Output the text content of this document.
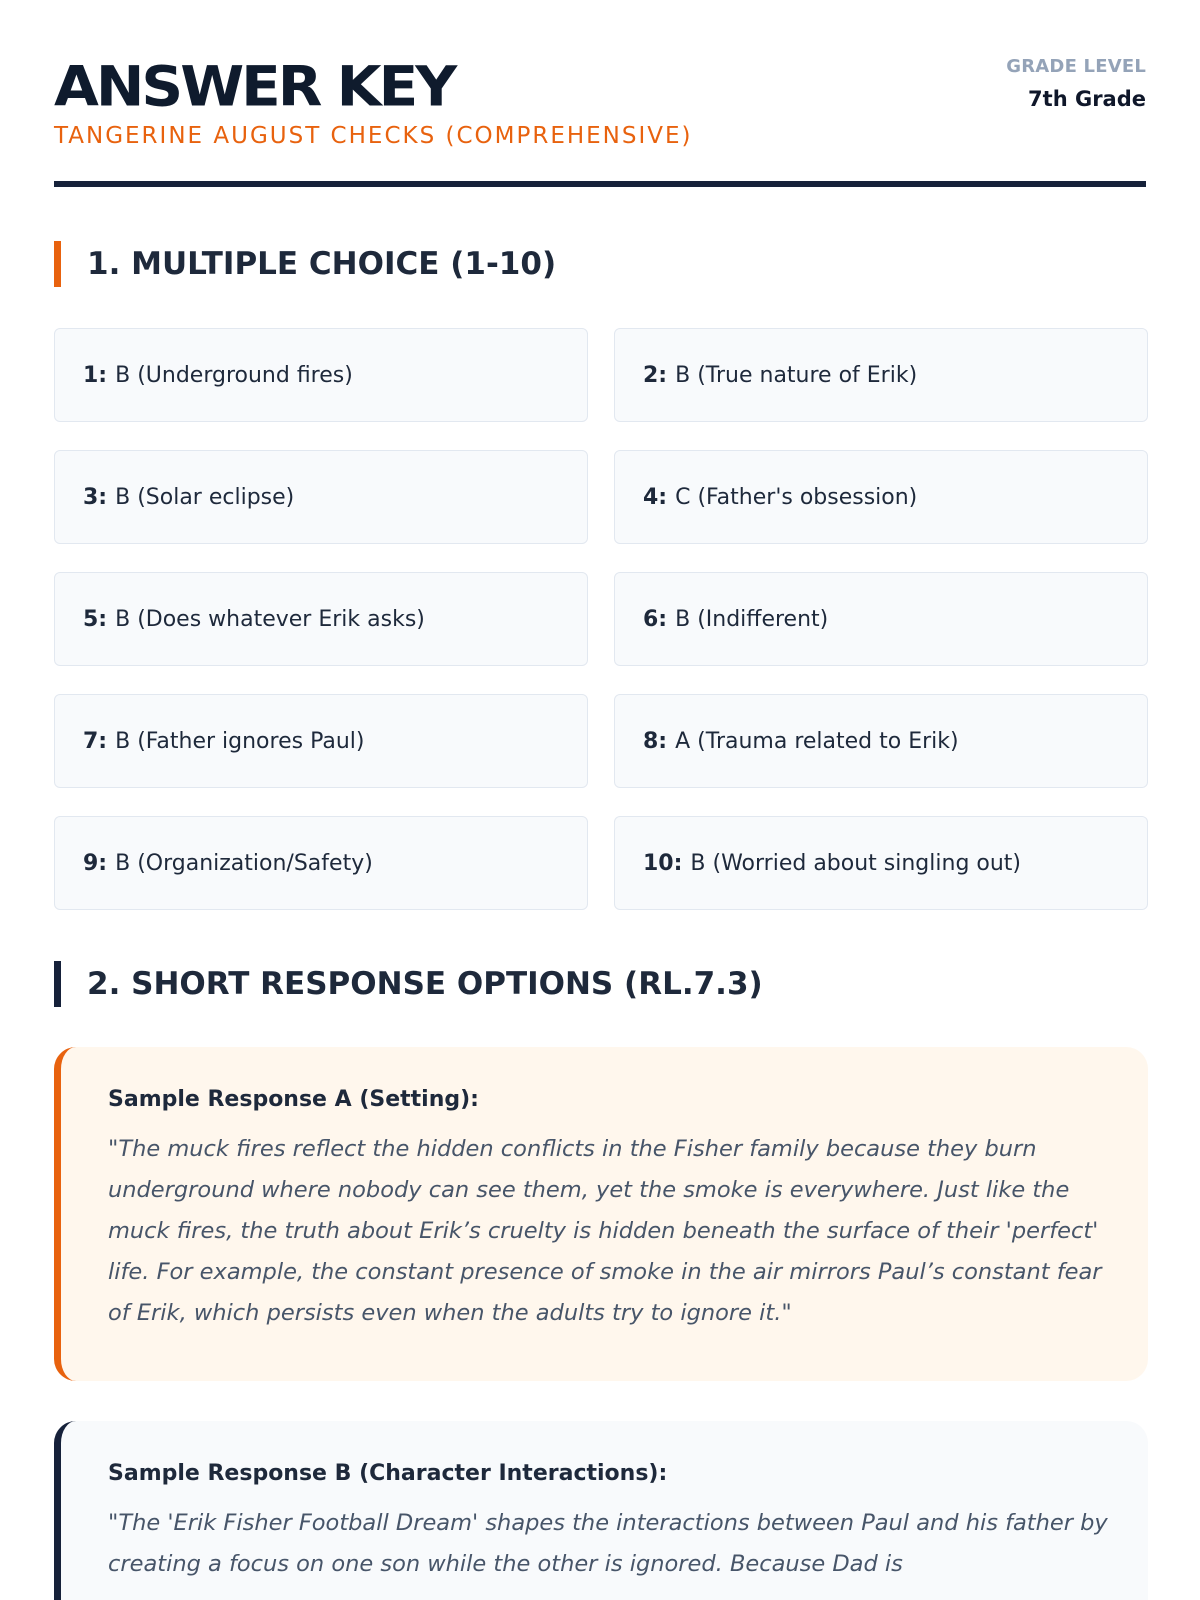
ANSWER KEY
TANGERINE AUGUST CHECKS (COMPREHENSIVE)
GRADE LEVEL
7th Grade
1. MULTIPLE CHOICE (1-10)
1: B (Underground fires)	2: B (True nature of Erik)
3: B (Solar eclipse)	4: C (Father's obsession)
5: B (Does whatever Erik asks)	6: B (Indifferent)
7: B (Father ignores Paul)	8: A (Trauma related to Erik)
9: B (Organization/Safety)	10: B (Worried about singling out)
2. SHORT RESPONSE OPTIONS (RL.7.3)
Sample Response A (Setting):
"The muck fires reflect the hidden conflicts in the Fisher family because they burn underground where nobody can see them, yet the smoke is everywhere. Just like the muck fires, the truth about Erik’s cruelty is hidden beneath the surface of their 'perfect' life. For example, the constant presence of smoke in the air mirrors Paul’s constant fear of Erik, which persists even when the adults try to ignore it."
Sample Response B (Character Interactions):
"The 'Erik Fisher Football Dream' shapes the interactions between Paul and his father by creating a focus on one son while the other is ignored. Because Dad is
